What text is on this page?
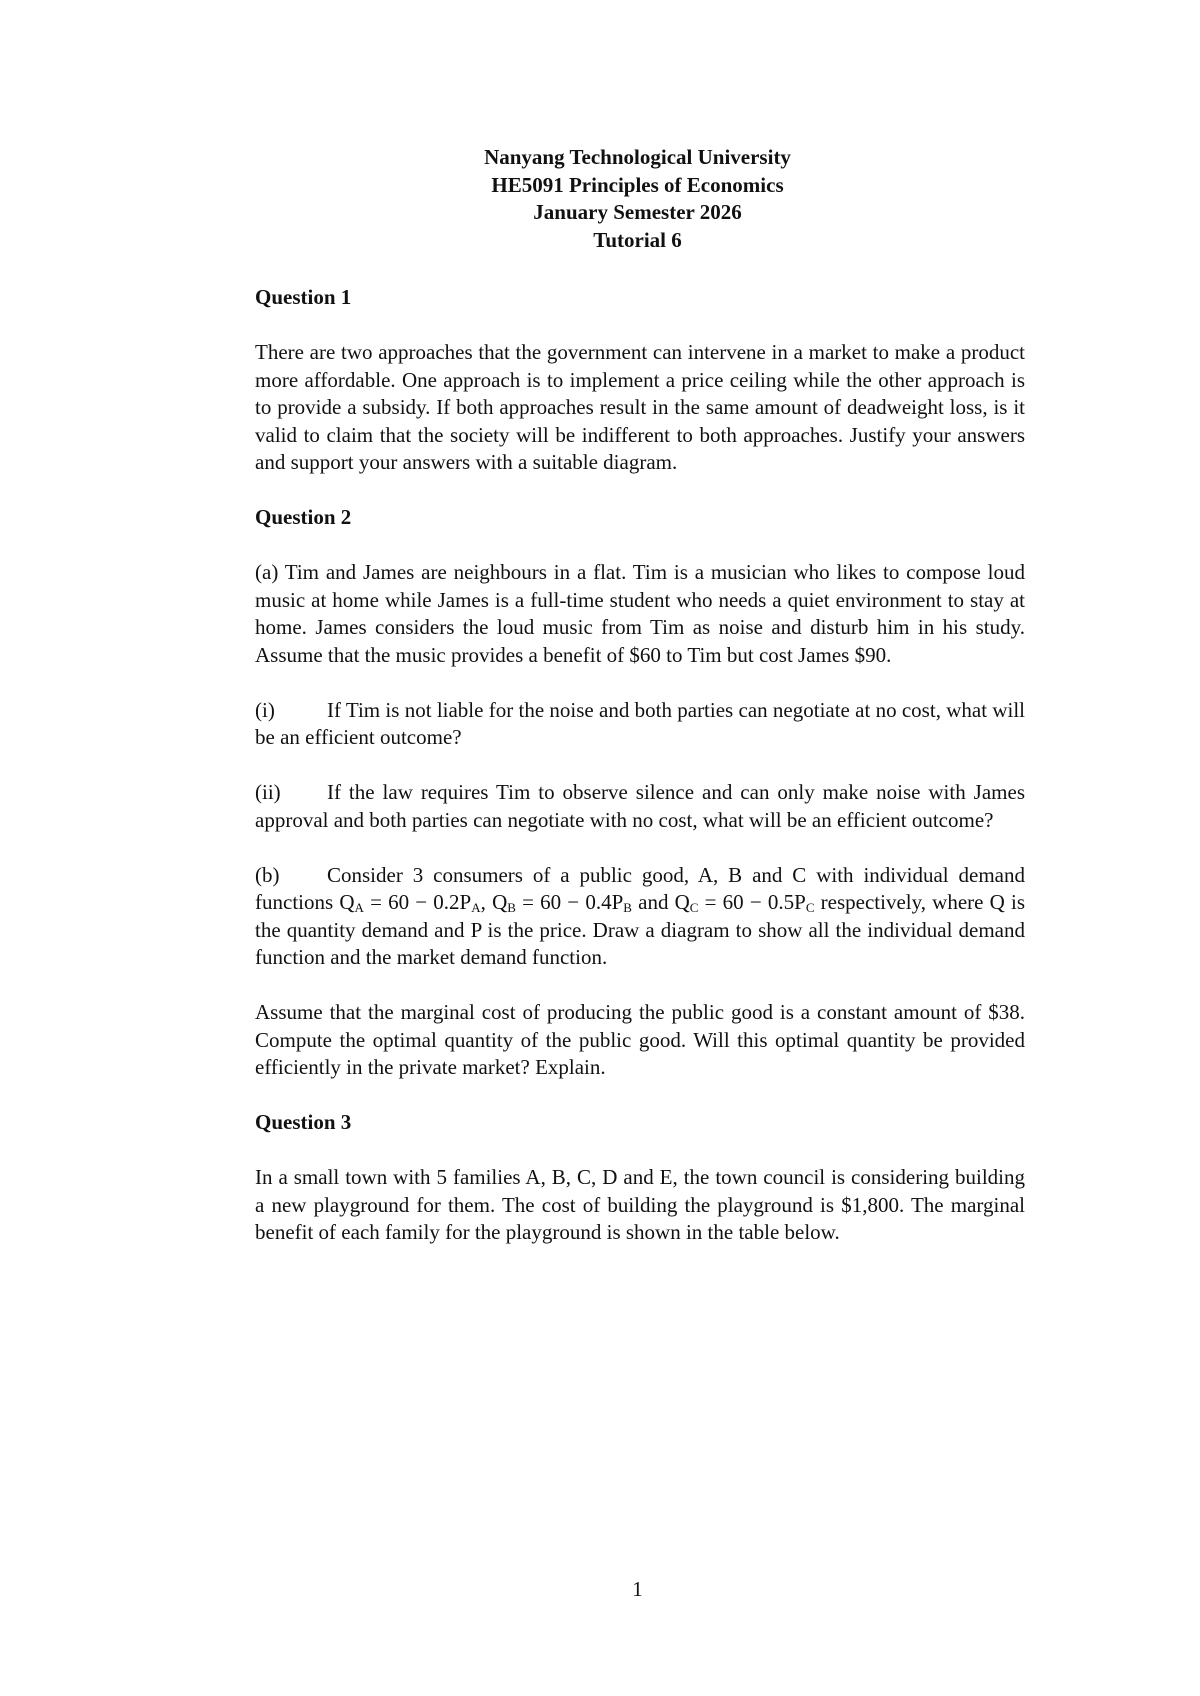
Nanyang Technological University
HE5091 Principles of Economics
January Semester 2026
Tutorial 6
Question 1

There are two approaches that the government can intervene in a market to make a product more affordable. One approach is to implement a price ceiling while the other approach is to provide a subsidy. If both approaches result in the same amount of deadweight loss, is it valid to claim that the society will be indifferent to both approaches. Justify your answers and support your answers with a suitable diagram.

Question 2

(a) Tim and James are neighbours in a flat. Tim is a musician who likes to compose loud music at home while James is a full-time student who needs a quiet environment to stay at home. James considers the loud music from Tim as noise and disturb him in his study. Assume that the music provides a benefit of $60 to Tim but cost James $90.

(i) If Tim is not liable for the noise and both parties can negotiate at no cost, what will be an efficient outcome?

(ii) If the law requires Tim to observe silence and can only make noise with James approval and both parties can negotiate with no cost, what will be an efficient outcome?

(b) Consider 3 consumers of a public good, A, B and C with individual demand functions $Q_A = 60 - 0.2P_A$, $Q_B = 60 - 0.4P_B$ and $Q_C = 60 - 0.5P_C$ respectively, where Q is the quantity demand and P is the price. Draw a diagram to show all the individual demand function and the market demand function.

Assume that the marginal cost of producing the public good is a constant amount of $38. Compute the optimal quantity of the public good. Will this optimal quantity be provided efficiently in the private market? Explain.

Question 3

In a small town with 5 families A, B, C, D and E, the town council is considering building a new playground for them. The cost of building the playground is $1,800. The marginal benefit of each family for the playground is shown in the table below.

1
